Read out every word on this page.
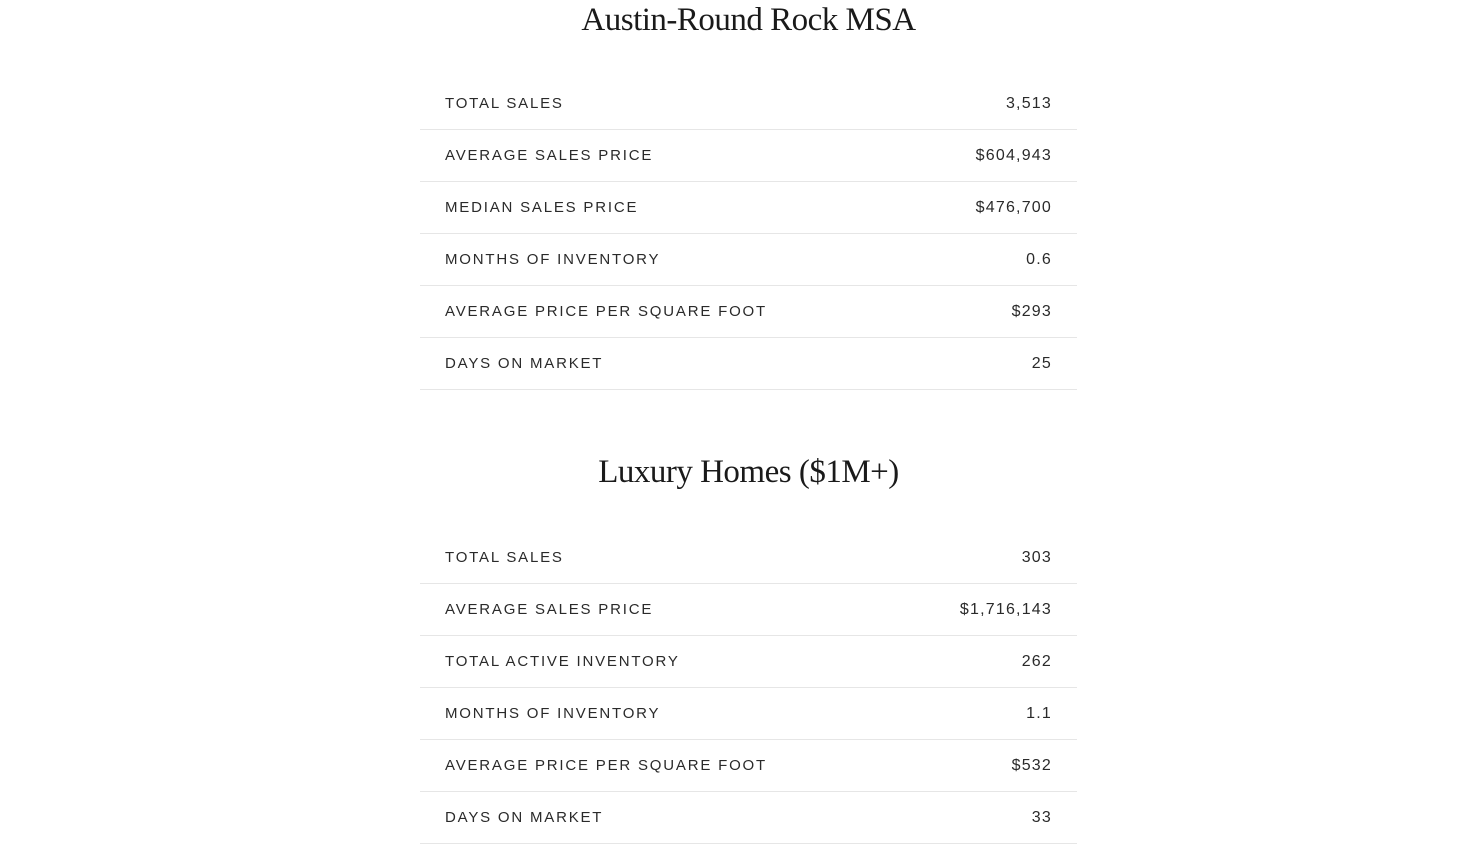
Austin-Round Rock MSA
TOTAL SALES	3,513
AVERAGE SALES PRICE	$604,943
MEDIAN SALES PRICE	$476,700
MONTHS OF INVENTORY	0.6
AVERAGE PRICE PER SQUARE FOOT	$293
DAYS ON MARKET	25
Luxury Homes ($1M+)
TOTAL SALES	303
AVERAGE SALES PRICE	$1,716,143
TOTAL ACTIVE INVENTORY	262
MONTHS OF INVENTORY	1.1
AVERAGE PRICE PER SQUARE FOOT	$532
DAYS ON MARKET	33
